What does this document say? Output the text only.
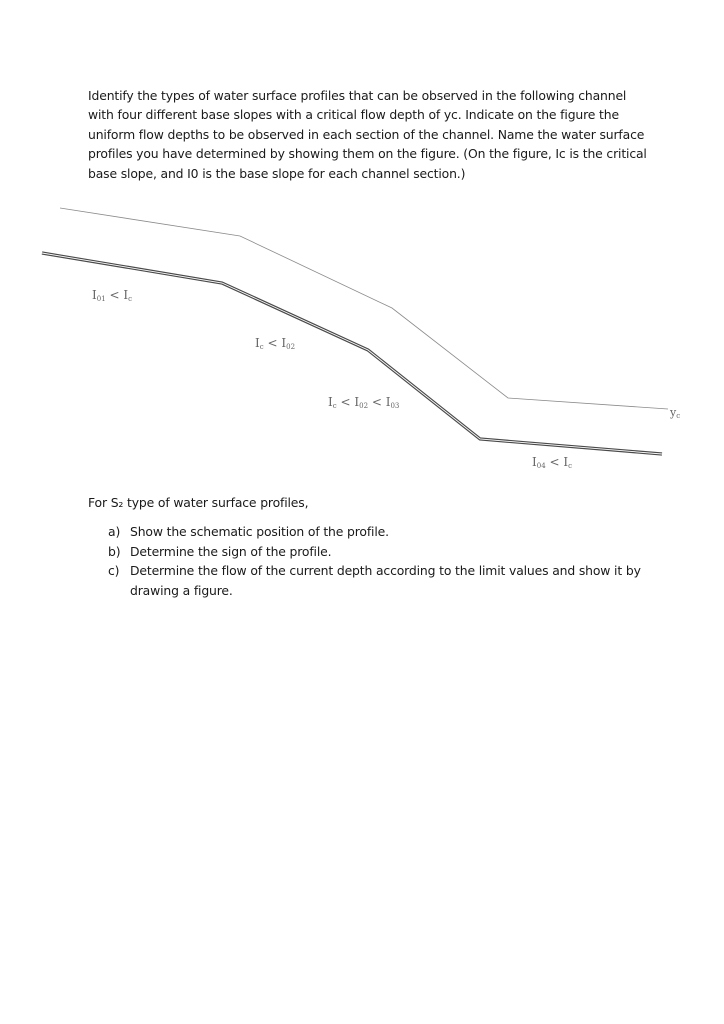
Identify the types of water surface profiles that can be observed in the following channel with four different base slopes with a critical flow depth of yc. Indicate on the figure the uniform flow depths to be observed in each section of the channel. Name the water surface profiles you have determined by showing them on the figure. (On the figure, Ic is the critical base slope, and I0 is the base slope for each channel section.)

I01 < Ic
Ic < I02
Ic < I02 < I03
I04 < Ic
yc

For S₂ type of water surface profiles,

a) Show the schematic position of the profile.
b) Determine the sign of the profile.
c) Determine the flow of the current depth according to the limit values and show it by drawing a figure.
